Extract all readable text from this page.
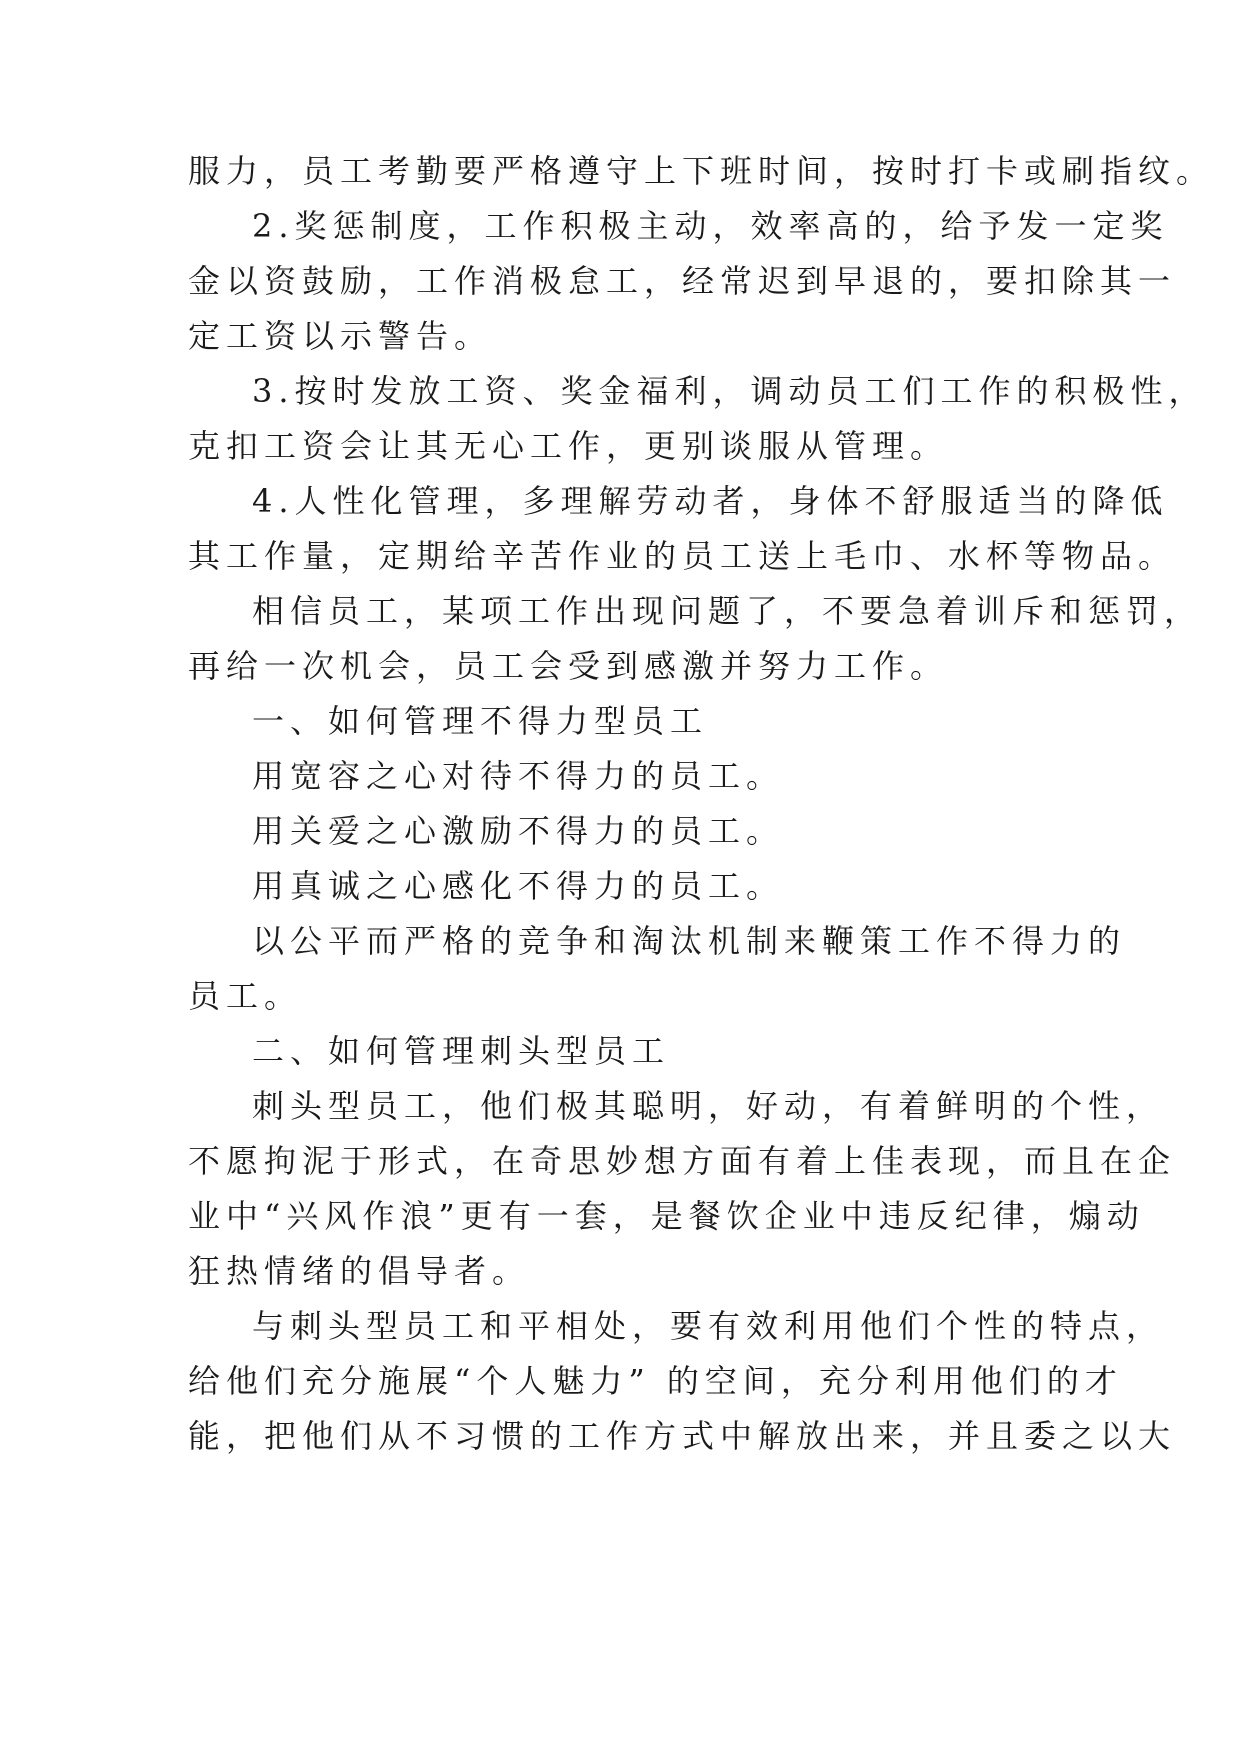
服力，员工考勤要严格遵守上下班时间，按时打卡或刷指纹。
2.奖惩制度，工作积极主动，效率高的，给予发一定奖
金以资鼓励，工作消极怠工，经常迟到早退的，要扣除其一
定工资以示警告。
3.按时发放工资、奖金福利，调动员工们工作的积极性，
克扣工资会让其无心工作，更别谈服从管理。
4.人性化管理，多理解劳动者，身体不舒服适当的降低
其工作量，定期给辛苦作业的员工送上毛巾、水杯等物品。
相信员工，某项工作出现问题了，不要急着训斥和惩罚，
再给一次机会，员工会受到感激并努力工作。
一、如何管理不得力型员工
用宽容之心对待不得力的员工。
用关爱之心激励不得力的员工。
用真诚之心感化不得力的员工。
以公平而严格的竞争和淘汰机制来鞭策工作不得力的
员工。
二、如何管理刺头型员工
刺头型员工，他们极其聪明，好动，有着鲜明的个性，
不愿拘泥于形式，在奇思妙想方面有着上佳表现，而且在企
业中“兴风作浪”更有一套，是餐饮企业中违反纪律，煽动
狂热情绪的倡导者。
与刺头型员工和平相处，要有效利用他们个性的特点，
给他们充分施展“个人魅力” 的空间，充分利用他们的才
能，把他们从不习惯的工作方式中解放出来，并且委之以大
